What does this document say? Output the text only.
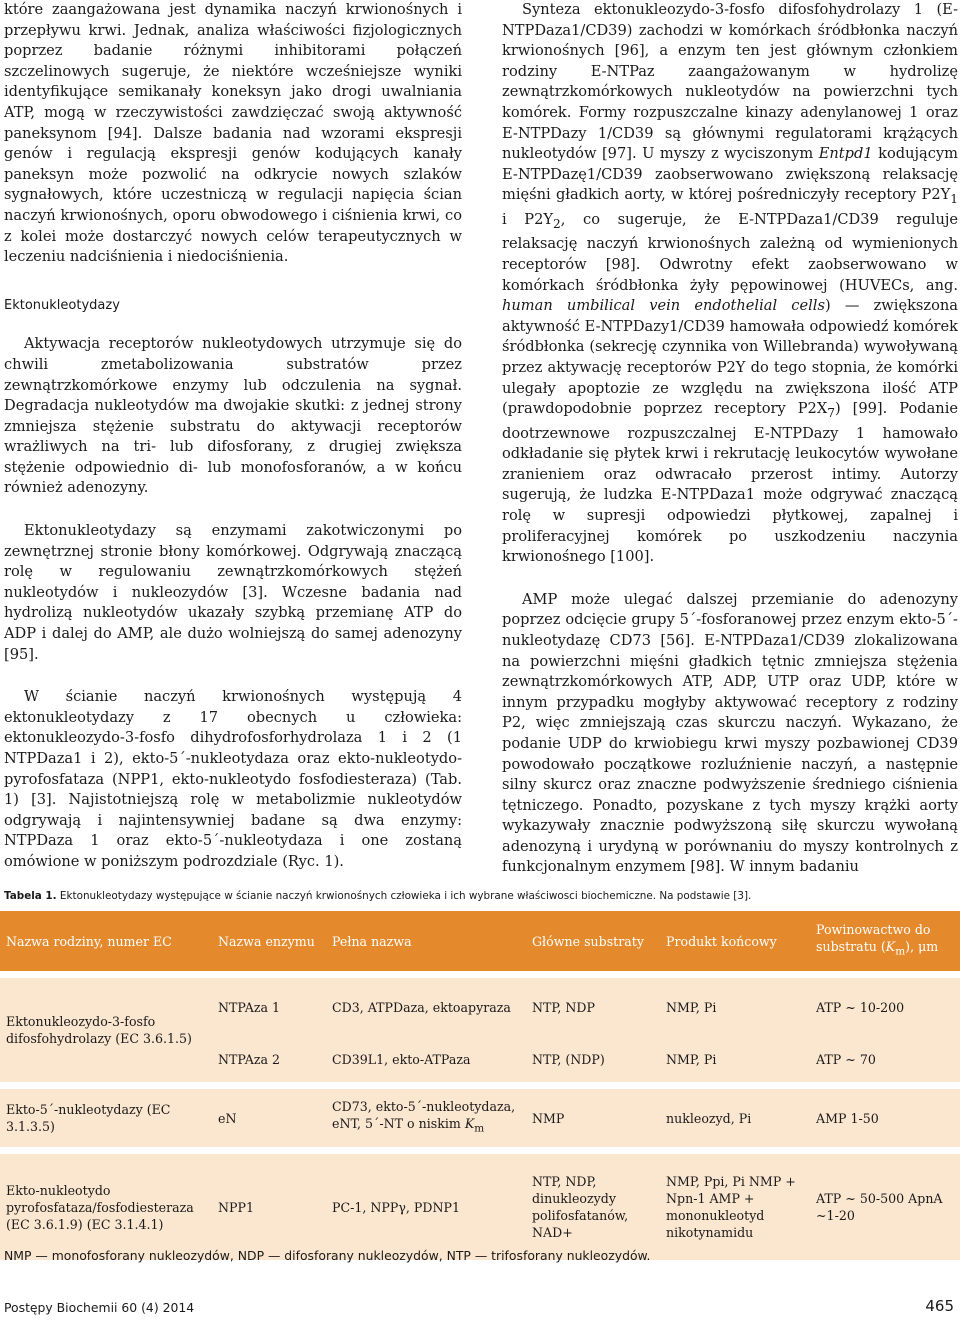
które zaangażowana jest dynamika naczyń krwionośnych i przepływu krwi. Jednak, analiza właściwości fizjologicznych poprzez badanie różnymi inhibitorami połączeń szczelinowych sugeruje, że niektóre wcześniejsze wyniki identyfikujące semikanały koneksyn jako drogi uwalniania ATP, mogą w rzeczywistości zawdzięczać swoją aktywność paneksynom [94]. Dalsze badania nad wzorami ekspresji genów i regulacją ekspresji genów kodujących kanały paneksyn może pozwolić na odkrycie nowych szlaków sygnałowych, które uczestniczą w regulacji napięcia ścian naczyń krwionośnych, oporu obwodowego i ciśnienia krwi, co z kolei może dostarczyć nowych celów terapeutycznych w leczeniu nadciśnienia i niedociśnienia.

Ektonukleotydazy

Aktywacja receptorów nukleotydowych utrzymuje się do chwili zmetabolizowania substratów przez zewnątrzkomórkowe enzymy lub odczulenia na sygnał. Degradacja nukleotydów ma dwojakie skutki: z jednej strony zmniejsza stężenie substratu do aktywacji receptorów wrażliwych na tri- lub difosforany, z drugiej zwiększa stężenie odpowiednio di- lub monofosforanów, a w końcu również adenozyny.

Ektonukleotydazy są enzymami zakotwiczonymi po zewnętrznej stronie błony komórkowej. Odgrywają znaczącą rolę w regulowaniu zewnątrzkomórkowych stężeń nukleotydów i nukleozydów [3]. Wczesne badania nad hydrolizą nukleotydów ukazały szybką przemianę ATP do ADP i dalej do AMP, ale dużo wolniejszą do samej adenozyny [95].

W ścianie naczyń krwionośnych występują 4 ektonukleotydazy z 17 obecnych u człowieka: ektonukleozydo-3-fosfo dihydrofosforhydrolaza 1 i 2 (1 NTPDaza1 i 2), ekto-5´-nukleotydaza oraz ekto-nukleotydo-pyrofosfataza (NPP1, ekto-nukleotydo fosfodiesteraza) (Tab. 1) [3]. Najistotniejszą rolę w metabolizmie nukleotydów odgrywają i najintensywniej badane są dwa enzymy: NTPDaza 1 oraz ekto-5´-nukleotydaza i one zostaną omówione w poniższym podrozdziale (Ryc. 1).

Synteza ektonukleozydo-3-fosfo difosfohydrolazy 1 (E-NTPDaza1/CD39) zachodzi w komórkach śródbłonka naczyń krwionośnych [96], a enzym ten jest głównym członkiem rodziny E-NTPaz zaangażowanym w hydrolizę zewnątrzkomórkowych nukleotydów na powierzchni tych komórek. Formy rozpuszczalne kinazy adenylanowej 1 oraz E-NTPDazy 1/CD39 są głównymi regulatorami krążących nukleotydów [97]. U myszy z wyciszonym Entpd1 kodującym E-NTPDazę1/CD39 zaobserwowano zwiększoną relaksację mięśni gładkich aorty, w której pośredniczyły receptory $P2Y_1$ i $P2Y_2$, co sugeruje, że E-NTPDaza1/CD39 reguluje relaksację naczyń krwionośnych zależną od wymienionych receptorów [98]. Odwrotny efekt zaobserwowano w komórkach śródbłonka żyły pępowinowej (HUVECs, ang. human umbilical vein endothelial cells) — zwiększona aktywność E-NTPDazy1/CD39 hamowała odpowiedź komórek śródbłonka (sekrecję czynnika von Willebranda) wywoływaną przez aktywację receptorów P2Y do tego stopnia, że komórki ulegały apoptozie ze względu na zwiększona ilość ATP (prawdopodobnie poprzez receptory $P2X_7$) [99]. Podanie dootrzewnowe rozpuszczalnej E-NTPDazy 1 hamowało odkładanie się płytek krwi i rekrutację leukocytów wywołane zranieniem oraz odwracało przerost intimy. Autorzy sugerują, że ludzka E-NTPDaza1 może odgrywać znaczącą rolę w supresji odpowiedzi płytkowej, zapalnej i proliferacyjnej komórek po uszkodzeniu naczynia krwionośnego [100].

AMP może ulegać dalszej przemianie do adenozyny poprzez odcięcie grupy 5´-fosforanowej przez enzym ekto-5´-nukleotydazę CD73 [56]. E-NTPDaza1/CD39 zlokalizowana na powierzchni mięśni gładkich tętnic zmniejsza stężenia zewnątrzkomórkowych ATP, ADP, UTP oraz UDP, które w innym przypadku mogłyby aktywować receptory z rodziny P2, więc zmniejszają czas skurczu naczyń. Wykazano, że podanie UDP do krwiobiegu krwi myszy pozbawionej CD39 powodowało początkowe rozluźnienie naczyń, a następnie silny skurcz oraz znaczne podwyższenie średniego ciśnienia tętniczego. Ponadto, pozyskane z tych myszy krążki aorty wykazywały znacznie podwyższoną siłę skurczu wywołaną adenozyną i urydyną w porównaniu do myszy kontrolnych z funkcjonalnym enzymem [98]. W innym badaniu

Tabela 1. Ektonukleotydazy występujące w ścianie naczyń krwionośnych człowieka i ich wybrane właściwosci biochemiczne. Na podstawie [3].
Nazwa rodziny, numer EC	Nazwa enzymu	Pełna nazwa	Główne substraty	Produkt końcowy	Powinowactwo do substratu $(K_m)$, μm

Ektonukleozydo-3-fosfo difosfohydrolazy (EC 3.6.1.5)	NTPAza 1	CD3, ATPDaza, ektoapyraza	NTP, NDP	NMP, Pi	ATP ~ 10-200
	NTPAza 2	CD39L1, ekto-ATPaza	NTP, (NDP)	NMP, Pi	ATP ~ 70

Ekto-5´-nukleotydazy (EC 3.1.3.5)	eN	CD73, ekto-5´-nukleotydaza, eNT, 5´-NT o niskim $K_m$	NMP	nukleozyd, Pi	AMP 1-50

Ekto-nukleotydo pyrofosfataza/fosfodiesteraza (EC 3.6.1.9) (EC 3.1.4.1)	NPP1	PC-1, NPPγ, PDNP1	NTP, NDP, dinukleozydy polifosfatanów, NAD+	NMP, Ppi, Pi NMP + Npn-1 AMP + mononukleotyd nikotynamidu	ATP ~ 50-500 ApnA ~1-20
NMP — monofosforany nukleozydów, NDP — difosforany nukleozydów, NTP — trifosforany nukleozydów.
Postępy Biochemii 60 (4) 2014	465
